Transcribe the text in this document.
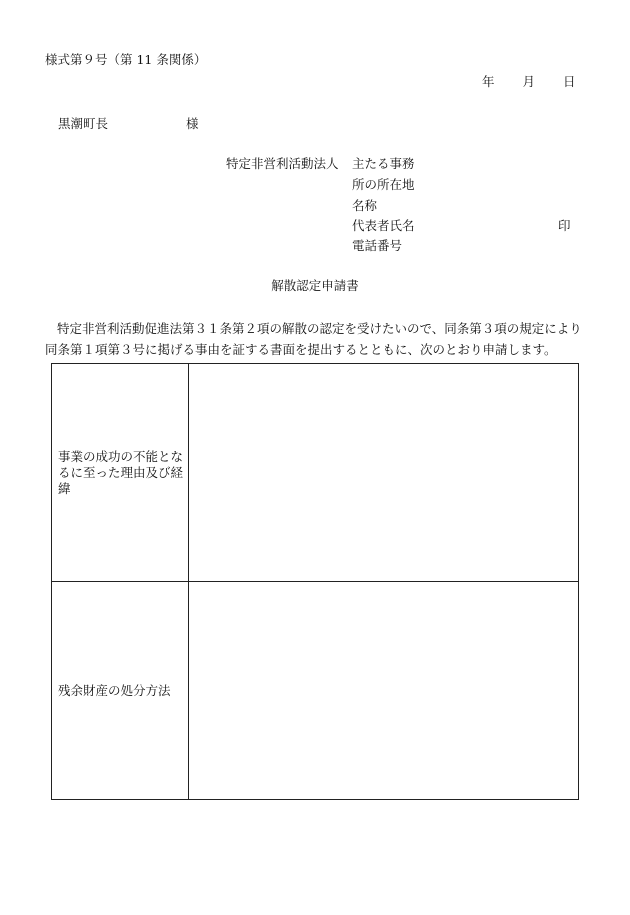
様式第９号（第 11 条関係）
年 月 日
黒潮町長	様
特定非営利活動法人 主たる事務
所の所在地
名称
代表者氏名
電話番号
印
解散認定申請書
特定非営利活動促進法第３１条第２項の解散の認定を受けたいので、同条第３項の規定により同条第１項第３号に掲げる事由を証する書面を提出するとともに、次のとおり申請します。
事業の成功の不能となるに至った理由及び経緯	
残余財産の処分方法	
